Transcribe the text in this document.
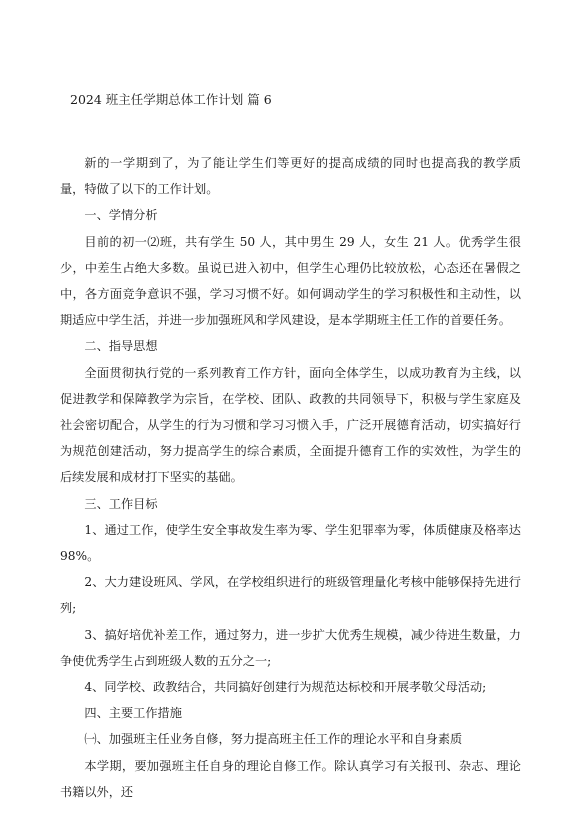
2024 班主任学期总体工作计划 篇 6

新的一学期到了，为了能让学生们等更好的提高成绩的同时也提高我的教学质量，特做了以下的工作计划。

一、学情分析

目前的初一⑵班，共有学生 50 人，其中男生 29 人，女生 21 人。优秀学生很少，中差生占绝大多数。虽说已进入初中，但学生心理仍比较放松，心态还在暑假之中，各方面竞争意识不强，学习习惯不好。如何调动学生的学习积极性和主动性，以期适应中学生活，并进一步加强班风和学风建设，是本学期班主任工作的首要任务。

二、指导思想

全面贯彻执行党的一系列教育工作方针，面向全体学生，以成功教育为主线，以促进教学和保障教学为宗旨，在学校、团队、政教的共同领导下，积极与学生家庭及社会密切配合，从学生的行为习惯和学习习惯入手，广泛开展德育活动，切实搞好行为规范创建活动，努力提高学生的综合素质，全面提升德育工作的实效性，为学生的后续发展和成材打下坚实的基础。

三、工作目标

1、通过工作，使学生安全事故发生率为零、学生犯罪率为零，体质健康及格率达 98%。

2、大力建设班风、学风，在学校组织进行的班级管理量化考核中能够保持先进行列;

3、搞好培优补差工作，通过努力，进一步扩大优秀生规模，减少待进生数量，力争使优秀学生占到班级人数的五分之一;

4、同学校、政教结合，共同搞好创建行为规范达标校和开展孝敬父母活动;

四、主要工作措施

㈠、加强班主任业务自修，努力提高班主任工作的理论水平和自身素质

本学期，要加强班主任自身的理论自修工作。除认真学习有关报刊、杂志、理论书籍以外，还
